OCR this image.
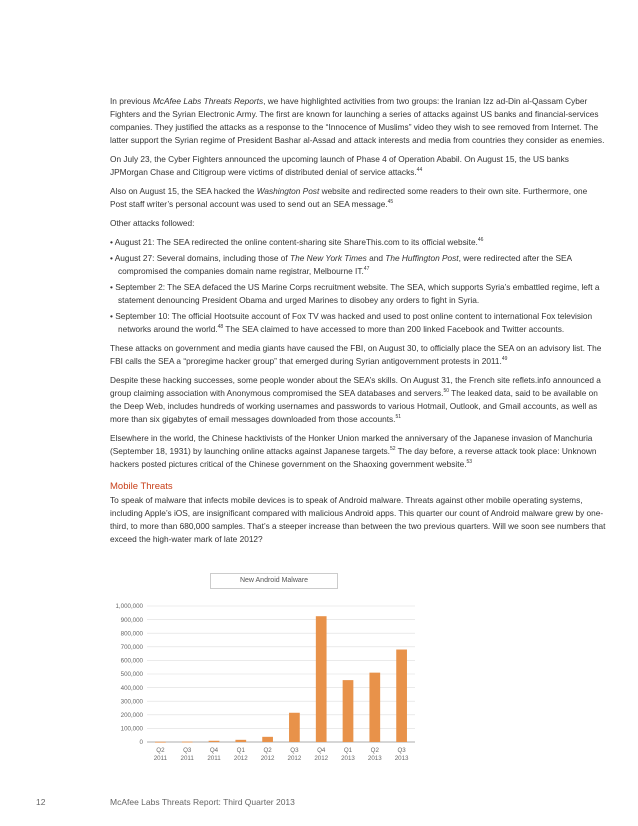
In previous McAfee Labs Threats Reports, we have highlighted activities from two groups: the Iranian Izz ad-Din al-Qassam Cyber Fighters and the Syrian Electronic Army. The first are known for launching a series of attacks against US banks and financial-services companies. They justified the attacks as a response to the “Innocence of Muslims” video they wish to see removed from Internet. The latter support the Syrian regime of President Bashar al-Assad and attack interests and media from countries they consider as enemies.

On July 23, the Cyber Fighters announced the upcoming launch of Phase 4 of Operation Ababil. On August 15, the US banks JPMorgan Chase and Citigroup were victims of distributed denial of service attacks.$^{44}$

Also on August 15, the SEA hacked the Washington Post website and redirected some readers to their own site. Furthermore, one Post staff writer’s personal account was used to send out an SEA message.$^{45}$

Other attacks followed:

• August 21: The SEA redirected the online content-sharing site ShareThis.com to its official website.$^{46}$

• August 27: Several domains, including those of The New York Times and The Huffington Post, were redirected after the SEA compromised the companies domain name registrar, Melbourne IT.$^{47}$

• September 2: The SEA defaced the US Marine Corps recruitment website. The SEA, which supports Syria’s embattled regime, left a statement denouncing President Obama and urged Marines to disobey any orders to fight in Syria.

• September 10: The official Hootsuite account of Fox TV was hacked and used to post online content to international Fox television networks around the world.$^{48}$ The SEA claimed to have accessed to more than 200 linked Facebook and Twitter accounts.

These attacks on government and media giants have caused the FBI, on August 30, to officially place the SEA on an advisory list. The FBI calls the SEA a “proregime hacker group” that emerged during Syrian antigovernment protests in 2011.49

Despite these hacking successes, some people wonder about the SEA’s skills. On August 31, the French site reflets.info announced a group claiming association with Anonymous compromised the SEA databases and servers.$^{50}$ The leaked data, said to be available on the Deep Web, includes hundreds of working usernames and passwords to various Hotmail, Outlook, and Gmail accounts, as well as more than six gigabytes of email messages downloaded from those accounts.$^{51}$

Elsewhere in the world, the Chinese hacktivists of the Honker Union marked the anniversary of the Japanese invasion of Manchuria (September 18, 1931) by launching online attacks against Japanese targets.$^{52}$ The day before, a reverse attack took place: Unknown hackers posted pictures critical of the Chinese government on the Shaoxing government website.$^{53}$

Mobile Threats

To speak of malware that infects mobile devices is to speak of Android malware. Threats against other mobile operating systems, including Apple’s iOS, are insignificant compared with malicious Android apps. This quarter our count of Android malware grew by one-third, to more than 680,000 samples. That’s a steeper increase than between the two previous quarters. Will we soon see numbers that exceed the high-water mark of late 2012?

New Android Malware
0
100,000
200,000
300,000
400,000
500,000
600,000
700,000
800,000
900,000
1,000,000
Q2
2011
Q3
2011
Q4
2011
Q1
2012
Q2
2012
Q3
2012
Q4
2012
Q1
2013
Q2
2013
Q3
2013
12	McAfee Labs Threats Report: Third Quarter 2013
